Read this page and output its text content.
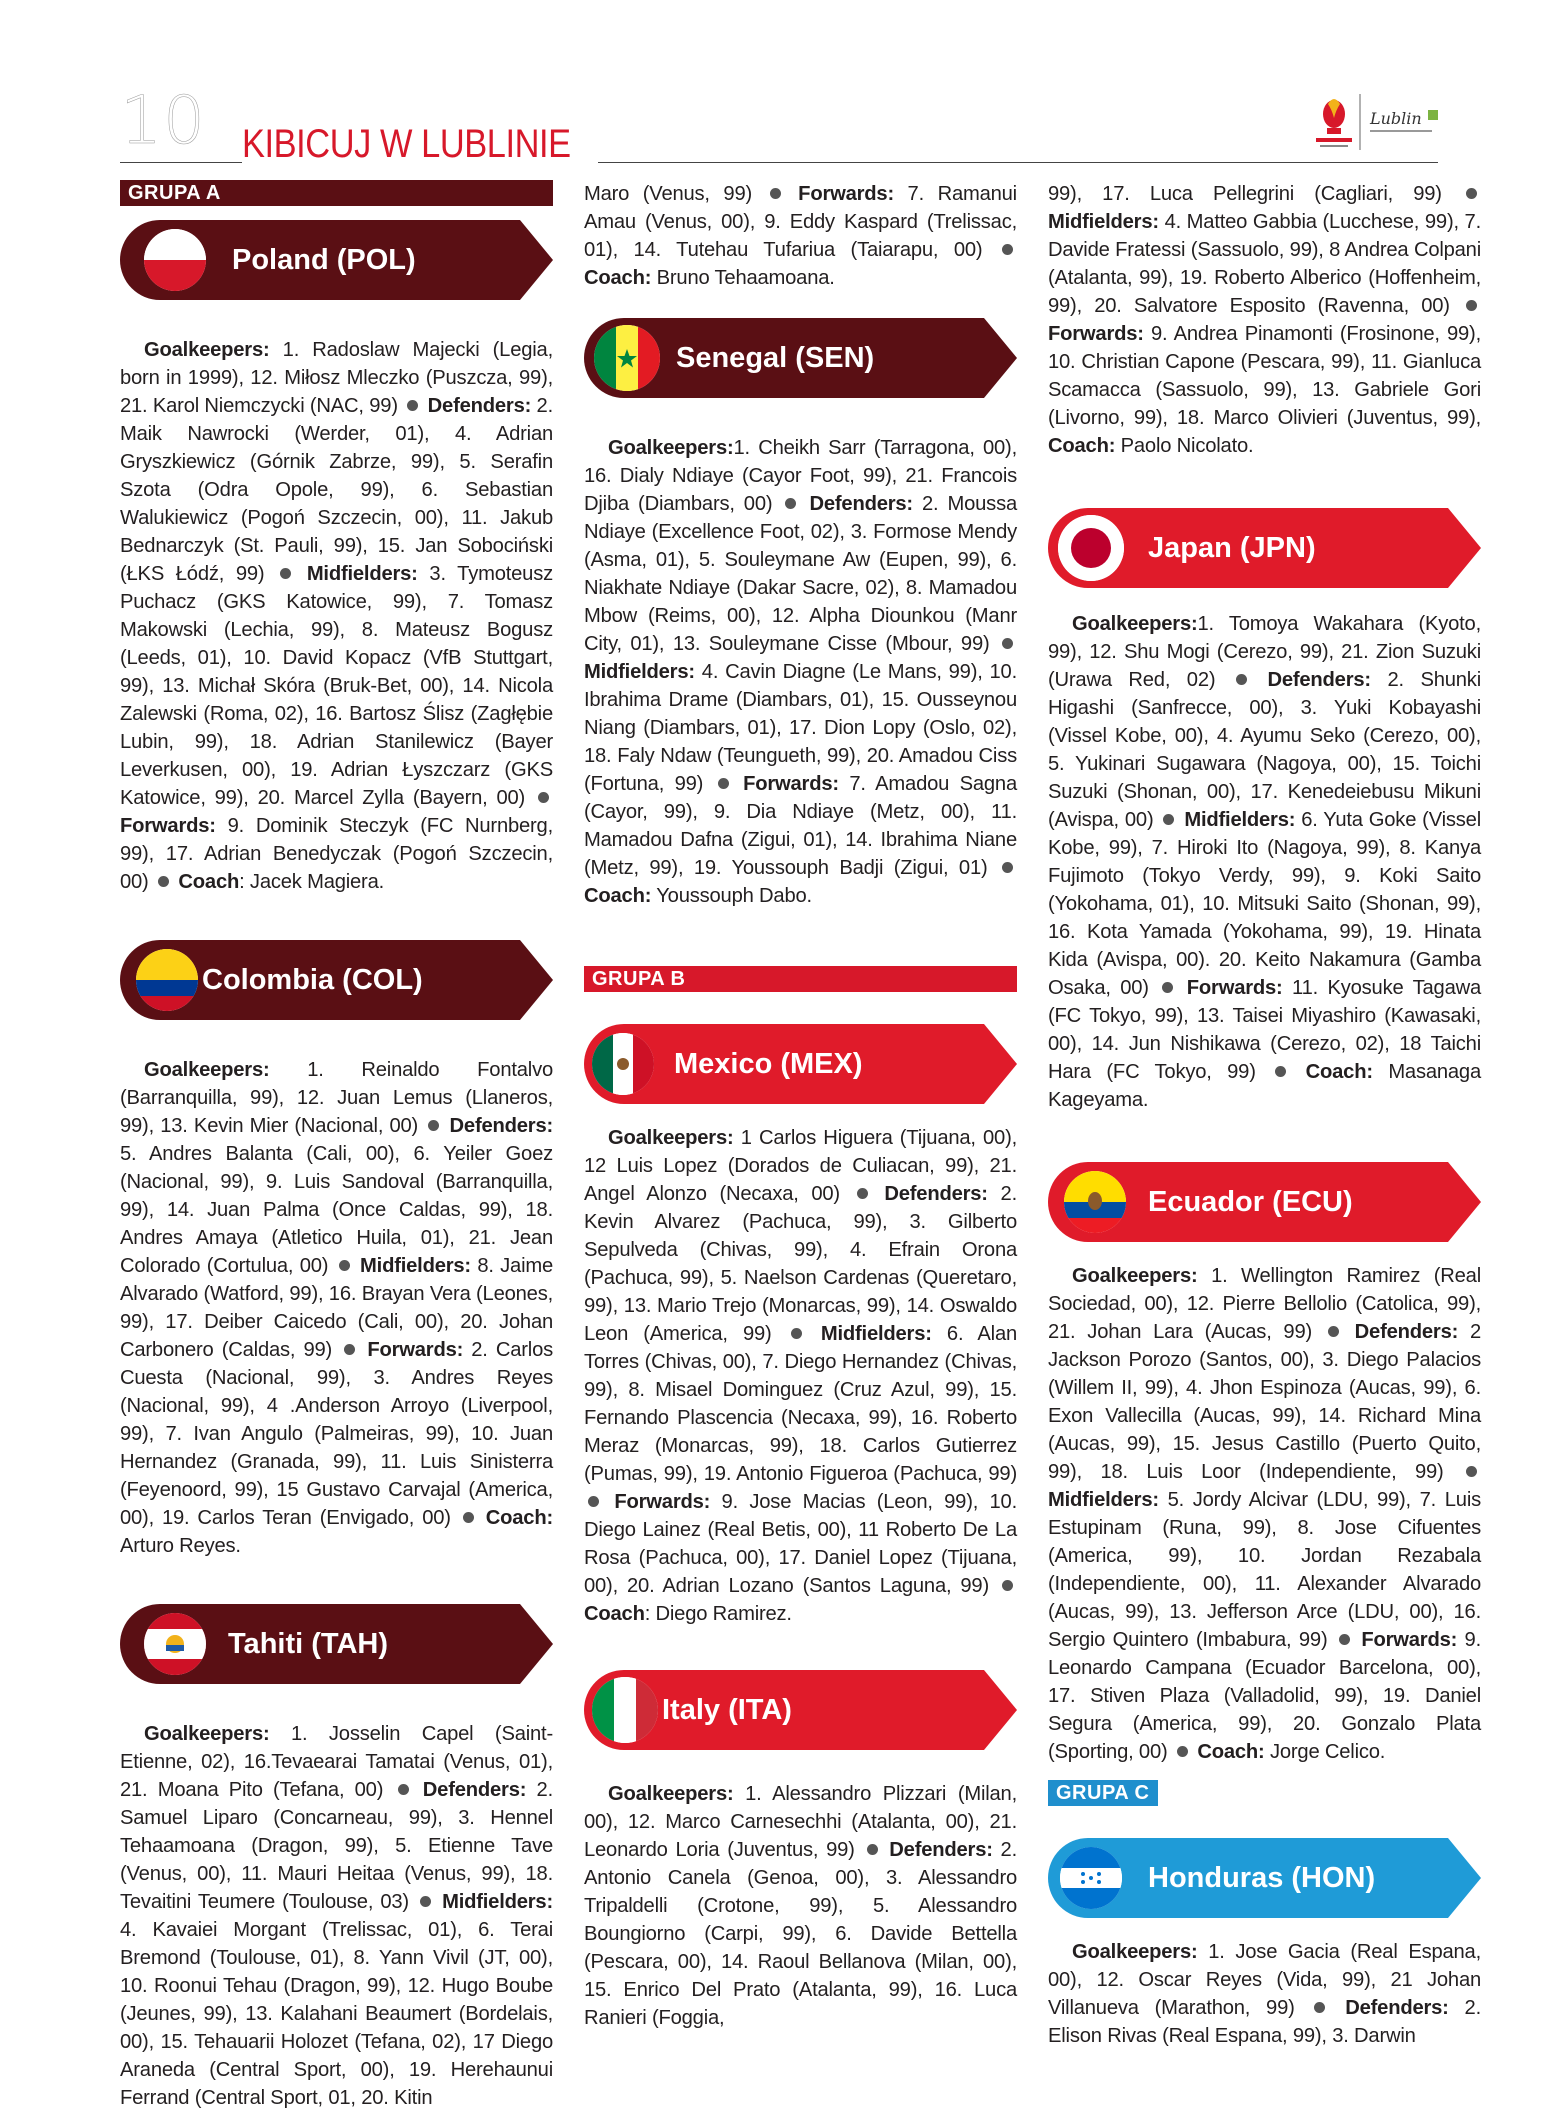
10 KIBICUJ W LUBLINIE
Lublin
GRUPA A
Poland (POL)

Goalkeepers: 1. Radoslaw Majecki (Legia, born in 1999), 12. Miłosz Mleczko (Puszcza, 99), 21. Karol Niemczycki (NAC, 99)  Defenders: 2. Maik Nawrocki (Werder, 01), 4. Adrian Gryszkiewicz (Górnik Zabrze, 99), 5. Serafin Szota (Odra Opole, 99), 6. Sebastian Walukiewicz (Pogoń Szczecin, 00), 11. Jakub Bednarczyk (St. Pauli, 99), 15. Jan Sobociński (ŁKS Łódź, 99)  Midfielders: 3. Tymoteusz Puchacz (GKS Katowice, 99), 7. Tomasz Makowski (Lechia, 99), 8. Mateusz Bogusz (Leeds, 01), 10. David Kopacz (VfB Stuttgart, 99), 13. Michał Skóra (Bruk-Bet, 00), 14. Nicola Zalewski (Roma, 02), 16. Bartosz Ślisz (Zagłębie Lubin, 99), 18. Adrian Stanilewicz (Bayer Leverkusen, 00), 19. Adrian Łyszczarz (GKS Katowice, 99), 20. Marcel Zylla (Bayern, 00)  Forwards: 9. Dominik Steczyk (FC Nurnberg, 99), 17. Adrian Benedyczak (Pogoń Szczecin, 00)  Coach: Jacek Magiera.

Colombia (COL)

Goalkeepers: 1. Reinaldo Fontalvo (Barranquilla, 99), 12. Juan Lemus (Llaneros, 99), 13. Kevin Mier (Nacional, 00)  Defenders: 5. Andres Balanta (Cali, 00), 6. Yeiler Goez (Nacional, 99), 9. Luis Sandoval (Barranquilla, 99), 14. Juan Palma (Once Caldas, 99), 18. Andres Amaya (Atletico Huila, 01), 21. Jean Colorado (Cortulua, 00)  Midfielders: 8. Jaime Alvarado (Watford, 99), 16. Brayan Vera (Leones, 99), 17. Deiber Caicedo (Cali, 00), 20. Johan Carbonero (Caldas, 99)  Forwards: 2. Carlos Cuesta (Nacional, 99), 3. Andres Reyes (Nacional, 99), 4 .Anderson Arroyo (Liverpool, 99), 7. Ivan Angulo (Palmeiras, 99), 10. Juan Hernandez (Granada, 99), 11. Luis Sinisterra (Feyenoord, 99), 15 Gustavo Carvajal (America, 00), 19. Carlos Teran (Envigado, 00)  Coach: Arturo Reyes.

Tahiti (TAH)

Goalkeepers: 1. Josselin Capel (Saint-Etienne, 02), 16.Tevaearai Tamatai (Venus, 01), 21. Moana Pito (Tefana, 00)  Defenders: 2. Samuel Liparo (Concarneau, 99), 3. Hennel Tehaamoana (Dragon, 99), 5. Etienne Tave (Venus, 00), 11. Mauri Heitaa (Venus, 99), 18. Tevaitini Teumere (Toulouse, 03)  Midfielders: 4. Kavaiei Morgant (Trelissac, 01), 6. Terai Bremond (Toulouse, 01), 8. Yann Vivil (JT, 00), 10. Roonui Tehau (Dragon, 99), 12. Hugo Boube (Jeunes, 99), 13. Kalahani Beaumert (Bordelais, 00), 15. Tehauarii Holozet (Tefana, 02), 17 Diego Araneda (Central Sport, 00), 19. Herehaunui Ferrand (Central Sport, 01, 20. Kitin

Maro (Venus, 99)  Forwards: 7. Ramanui Amau (Venus, 00), 9. Eddy Kaspard (Trelissac, 01), 14. Tutehau Tufariua (Taiarapu, 00)  Coach: Bruno Tehaamoana.

Senegal (SEN)

Goalkeepers:1. Cheikh Sarr (Tarragona, 00), 16. Dialy Ndiaye (Cayor Foot, 99), 21. Francois Djiba (Diambars, 00)  Defenders: 2. Moussa Ndiaye (Excellence Foot, 02), 3. Formose Mendy (Asma, 01), 5. Souleymane Aw (Eupen, 99), 6. Niakhate Ndiaye (Dakar Sacre, 02), 8. Mamadou Mbow (Reims, 00), 12. Alpha Diounkou (Manr City, 01), 13. Souleymane Cisse (Mbour, 99)  Midfielders: 4. Cavin Diagne (Le Mans, 99), 10. Ibrahima Drame (Diambars, 01), 15. Ousseynou Niang (Diambars, 01), 17. Dion Lopy (Oslo, 02), 18. Faly Ndaw (Teungueth, 99), 20. Amadou Ciss (Fortuna, 99)  Forwards: 7. Amadou Sagna (Cayor, 99), 9. Dia Ndiaye (Metz, 00), 11. Mamadou Dafna (Zigui, 01), 14. Ibrahima Niane (Metz, 99), 19. Youssouph Badji (Zigui, 01)  Coach: Youssouph Dabo.

GRUPA B
Mexico (MEX)

Goalkeepers: 1 Carlos Higuera (Tijuana, 00), 12 Luis Lopez (Dorados de Culiacan, 99), 21. Angel Alonzo (Necaxa, 00)  Defenders: 2. Kevin Alvarez (Pachuca, 99), 3. Gilberto Sepulveda (Chivas, 99), 4. Efrain Orona (Pachuca, 99), 5. Naelson Cardenas (Queretaro, 99), 13. Mario Trejo (Monarcas, 99), 14. Oswaldo Leon (America, 99)  Midfielders: 6. Alan Torres (Chivas, 00), 7. Diego Hernandez (Chivas, 99), 8. Misael Dominguez (Cruz Azul, 99), 15. Fernando Plascencia (Necaxa, 99), 16. Roberto Meraz (Monarcas, 99), 18. Carlos Gutierrez (Pumas, 99), 19. Antonio Figueroa (Pachuca, 99)  Forwards: 9. Jose Macias (Leon, 99), 10. Diego Lainez (Real Betis, 00), 11 Roberto De La Rosa (Pachuca, 00), 17. Daniel Lopez (Tijuana, 00), 20. Adrian Lozano (Santos Laguna, 99)  Coach: Diego Ramirez.

Italy (ITA)

Goalkeepers: 1. Alessandro Plizzari (Milan, 00), 12. Marco Carnesechhi (Atalanta, 00), 21. Leonardo Loria (Juventus, 99)  Defenders: 2. Antonio Canela (Genoa, 00), 3. Alessandro Tripaldelli (Crotone, 99), 5. Alessandro Boungiorno (Carpi, 99), 6. Davide Bettella (Pescara, 00), 14. Raoul Bellanova (Milan, 00), 15. Enrico Del Prato (Atalanta, 99), 16. Luca Ranieri (Foggia,

99), 17. Luca Pellegrini (Cagliari, 99)  Midfielders: 4. Matteo Gabbia (Lucchese, 99), 7. Davide Fratessi (Sassuolo, 99), 8 Andrea Colpani (Atalanta, 99), 19. Roberto Alberico (Hoffenheim, 99), 20. Salvatore Esposito (Ravenna, 00)  Forwards: 9. Andrea Pinamonti (Frosinone, 99), 10. Christian Capone (Pescara, 99), 11. Gianluca Scamacca (Sassuolo, 99), 13. Gabriele Gori (Livorno, 99), 18. Marco Olivieri (Juventus, 99), Coach: Paolo Nicolato.

Japan (JPN)

Goalkeepers:1. Tomoya Wakahara (Kyoto, 99), 12. Shu Mogi (Cerezo, 99), 21. Zion Suzuki (Urawa Red, 02)  Defenders: 2. Shunki Higashi (Sanfrecce, 00), 3. Yuki Kobayashi (Vissel Kobe, 00), 4. Ayumu Seko (Cerezo, 00), 5. Yukinari Sugawara (Nagoya, 00), 15. Toichi Suzuki (Shonan, 00), 17. Kenedeiebusu Mikuni (Avispa, 00)  Midfielders: 6. Yuta Goke (Vissel Kobe, 99), 7. Hiroki Ito (Nagoya, 99), 8. Kanya Fujimoto (Tokyo Verdy, 99), 9. Koki Saito (Yokohama, 01), 10. Mitsuki Saito (Shonan, 99), 16. Kota Yamada (Yokohama, 99), 19. Hinata Kida (Avispa, 00). 20. Keito Nakamura (Gamba Osaka, 00)  Forwards: 11. Kyosuke Tagawa (FC Tokyo, 99), 13. Taisei Miyashiro (Kawasaki, 00), 14. Jun Nishikawa (Cerezo, 02), 18 Taichi Hara (FC Tokyo, 99)  Coach: Masanaga Kageyama.

Ecuador (ECU)

Goalkeepers: 1. Wellington Ramirez (Real Sociedad, 00), 12. Pierre Bellolio (Catolica, 99), 21. Johan Lara (Aucas, 99)  Defenders: 2 Jackson Porozo (Santos, 00), 3. Diego Palacios (Willem II, 99), 4. Jhon Espinoza (Aucas, 99), 6. Exon Vallecilla (Aucas, 99), 14. Richard Mina (Aucas, 99), 15. Jesus Castillo (Puerto Quito, 99), 18. Luis Loor (Independiente, 99)  Midfielders: 5. Jordy Alcivar (LDU, 99), 7. Luis Estupinam (Runa, 99), 8. Jose Cifuentes (America, 99), 10. Jordan Rezabala (Independiente, 00), 11. Alexander Alvarado (Aucas, 99), 13. Jefferson Arce (LDU, 00), 16. Sergio Quintero (Imbabura, 99)  Forwards: 9. Leonardo Campana (Ecuador Barcelona, 00), 17. Stiven Plaza (Valladolid, 99), 19. Daniel Segura (America, 99), 20. Gonzalo Plata (Sporting, 00)  Coach: Jorge Celico.

GRUPA C
Honduras (HON)

Goalkeepers: 1. Jose Gacia (Real Espana, 00), 12. Oscar Reyes (Vida, 99), 21 Johan Villanueva (Marathon, 99)  Defenders: 2. Elison Rivas (Real Espana, 99), 3. Darwin
